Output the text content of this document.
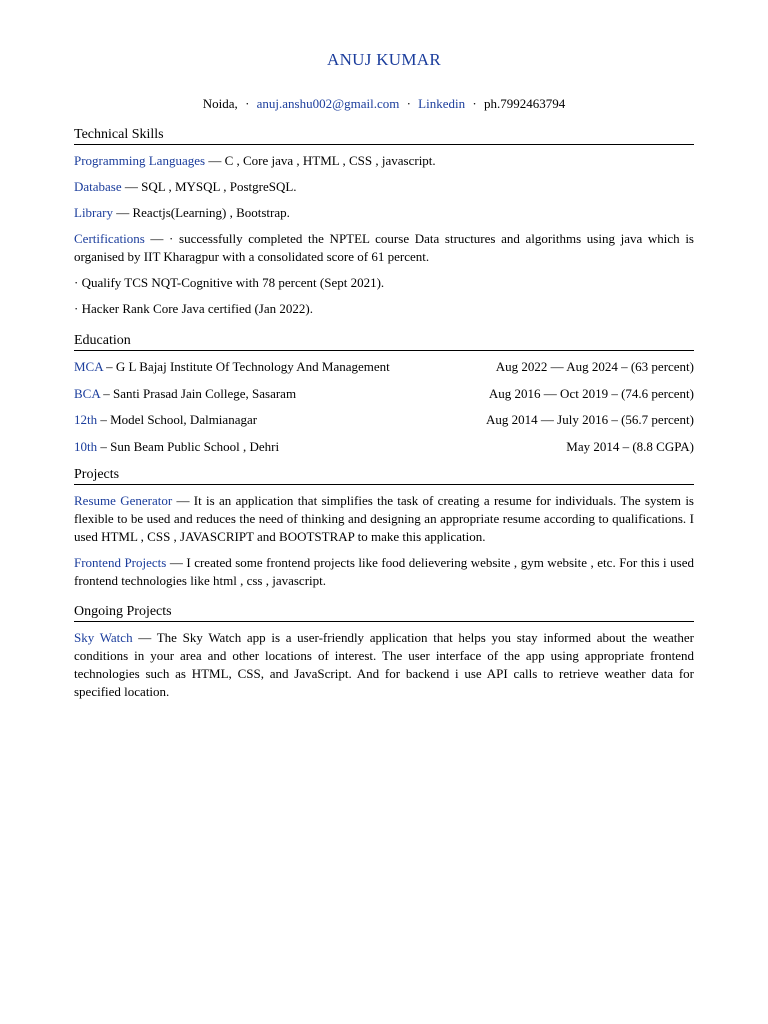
ANUJ KUMAR
Noida, · anuj.anshu002@gmail.com · Linkedin · ph.7992463794
Technical Skills
Programming Languages — C , Core java , HTML , CSS , javascript.
Database — SQL , MYSQL , PostgreSQL.
Library — Reactjs(Learning) , Bootstrap.
Certifications — · successfully completed the NPTEL course Data structures and algorithms using java which is organised by IIT Kharagpur with a consolidated score of 61 percent.
· Qualify TCS NQT-Cognitive with 78 percent (Sept 2021).
· Hacker Rank Core Java certified (Jan 2022).
Education
MCA – G L Bajaj Institute Of Technology And Management	Aug 2022 — Aug 2024 – (63 percent)
BCA – Santi Prasad Jain College, Sasaram	Aug 2016 — Oct 2019 – (74.6 percent)
12th – Model School, Dalmianagar	Aug 2014 — July 2016 – (56.7 percent)
10th – Sun Beam Public School , Dehri	May 2014 – (8.8 CGPA)
Projects
Resume Generator — It is an application that simplifies the task of creating a resume for individuals. The system is flexible to be used and reduces the need of thinking and designing an appropriate resume according to qualifications. I used HTML , CSS , JAVASCRIPT and BOOTSTRAP to make this application.
Frontend Projects — I created some frontend projects like food delievering website , gym website , etc. For this i used frontend technologies like html , css , javascript.
Ongoing Projects
Sky Watch — The Sky Watch app is a user-friendly application that helps you stay informed about the weather conditions in your area and other locations of interest. The user interface of the app using appropriate frontend technologies such as HTML, CSS, and JavaScript. And for backend i use API calls to retrieve weather data for specified location.
